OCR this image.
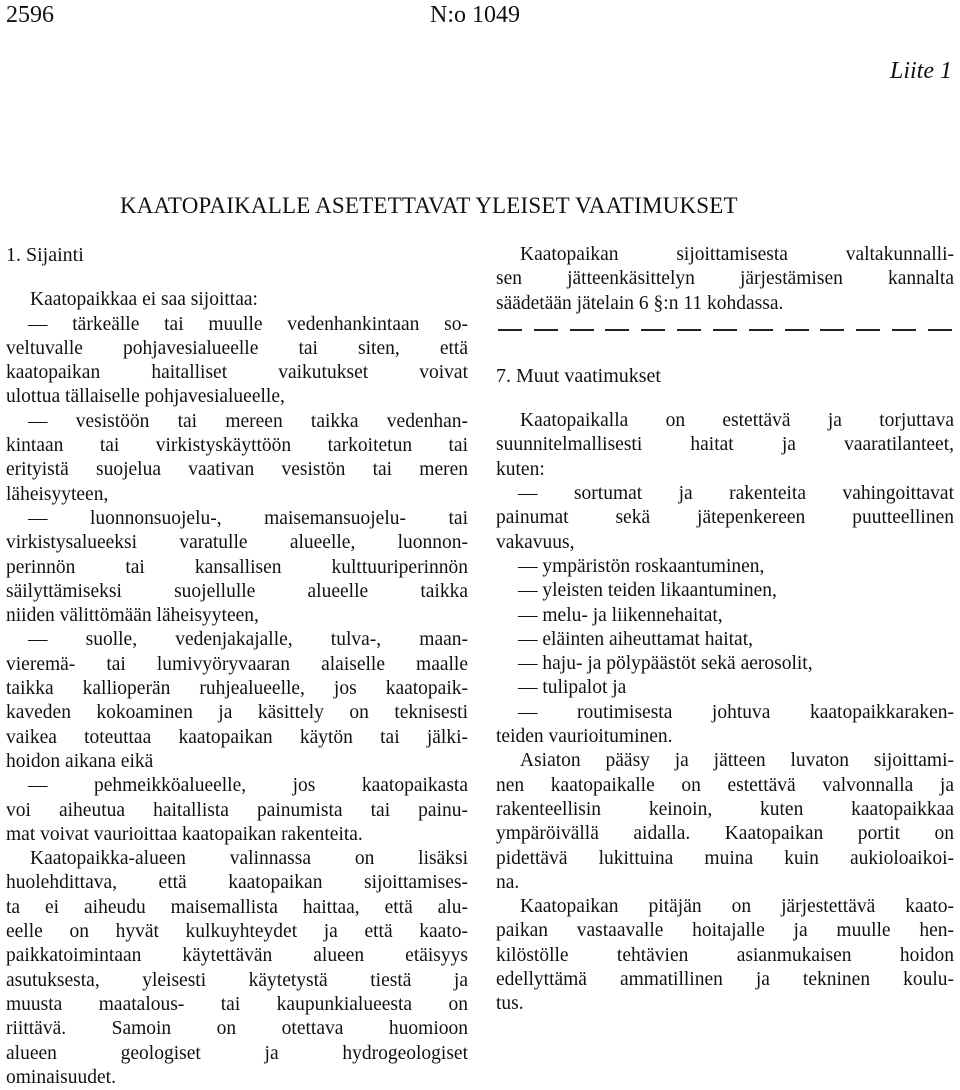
2596	N:o 1049
Liite 1
KAATOPAIKALLE ASETETTAVAT YLEISET VAATIMUKSET

1. Sijainti

Kaatopaikkaa ei saa sijoittaa:
— tärkeälle tai muulle vedenhankintaan so-
veltuvalle pohjavesialueelle tai siten, että
kaatopaikan haitalliset vaikutukset voivat
ulottua tällaiselle pohjavesialueelle,
— vesistöön tai mereen taikka vedenhan-
kintaan tai virkistyskäyttöön tarkoitetun tai
erityistä suojelua vaativan vesistön tai meren
läheisyyteen,
— luonnonsuojelu-, maisemansuojelu- tai
virkistysalueeksi varatulle alueelle, luonnon-
perinnön tai kansallisen kulttuuriperinnön
säilyttämiseksi suojellulle alueelle taikka
niiden välittömään läheisyyteen,
— suolle, vedenjakajalle, tulva-, maan-
vieremä- tai lumivyöryvaaran alaiselle maalle
taikka kallioperän ruhjealueelle, jos kaatopaik-
kaveden kokoaminen ja käsittely on teknisesti
vaikea toteuttaa kaatopaikan käytön tai jälki-
hoidon aikana eikä
— pehmeikköalueelle, jos kaatopaikasta
voi aiheutua haitallista painumista tai painu-
mat voivat vaurioittaa kaatopaikan rakenteita.
Kaatopaikka-alueen valinnassa on lisäksi
huolehdittava, että kaatopaikan sijoittamises-
ta ei aiheudu maisemallista haittaa, että alu-
eelle on hyvät kulkuyhteydet ja että kaato-
paikkatoimintaan käytettävän alueen etäisyys
asutuksesta, yleisesti käytetystä tiestä ja
muusta maatalous- tai kaupunkialueesta on
riittävä. Samoin on otettava huomioon
alueen geologiset ja hydrogeologiset
ominaisuudet.
Kaatopaikan sijoittamisesta valtakunnalli-
sen jätteenkäsittelyn järjestämisen kannalta
säädetään jätelain 6 §:n 11 kohdassa.

7. Muut vaatimukset

Kaatopaikalla on estettävä ja torjuttava
suunnitelmallisesti haitat ja vaaratilanteet,
kuten:
— sortumat ja rakenteita vahingoittavat
painumat sekä jätepenkereen puutteellinen
vakavuus,
— ympäristön roskaantuminen,
— yleisten teiden likaantuminen,
— melu- ja liikennehaitat,
— eläinten aiheuttamat haitat,
— haju- ja pölypäästöt sekä aerosolit,
— tulipalot ja
— routimisesta johtuva kaatopaikkaraken-
teiden vaurioituminen.
Asiaton pääsy ja jätteen luvaton sijoittami-
nen kaatopaikalle on estettävä valvonnalla ja
rakenteellisin keinoin, kuten kaatopaikkaa
ympäröivällä aidalla. Kaatopaikan portit on
pidettävä lukittuina muina kuin aukioloaikoi-
na.
Kaatopaikan pitäjän on järjestettävä kaato-
paikan vastaavalle hoitajalle ja muulle hen-
kilöstölle tehtävien asianmukaisen hoidon
edellyttämä ammatillinen ja tekninen koulu-
tus.
